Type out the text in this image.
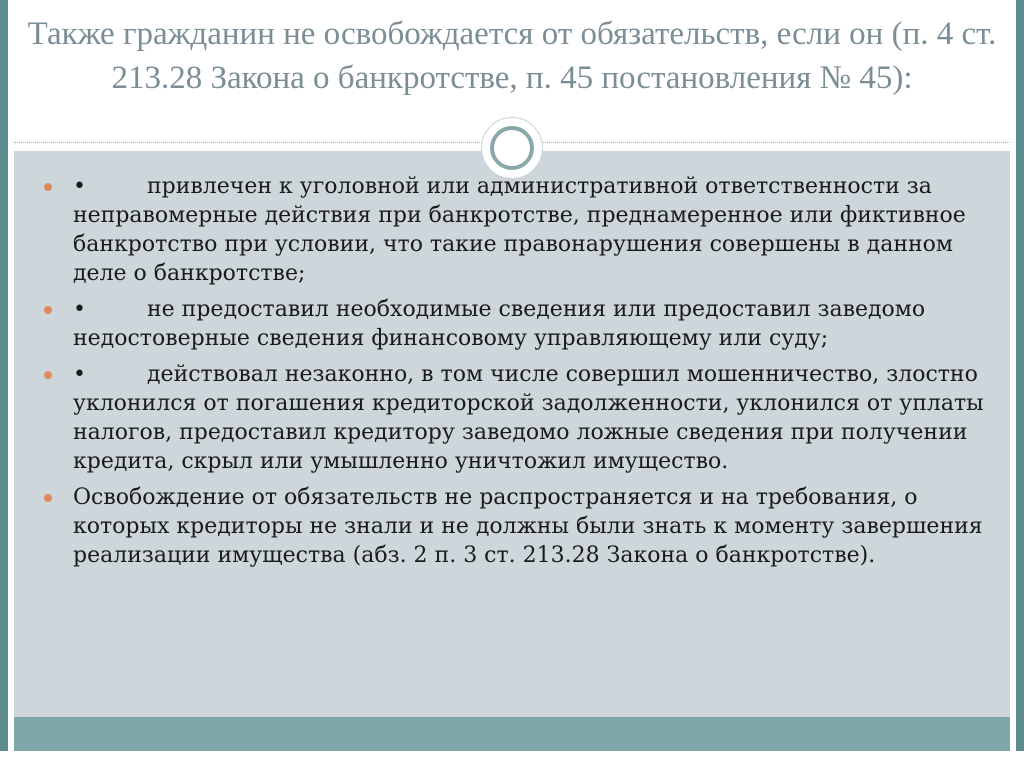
Также гражданин не освобождается от обязательств, если он (п. 4 ст. 213.28 Закона о банкротстве, п. 45 постановления № 45):
•	привлечен к уголовной или административной ответственности за неправомерные действия при банкротстве, преднамеренное или фиктивное банкротство при условии, что такие правонарушения совершены в данном деле о банкротстве;
•	не предоставил необходимые сведения или предоставил заведомо недостоверные сведения финансовому управляющему или суду;
•	действовал незаконно, в том числе совершил мошенничество, злостно уклонился от погашения кредиторской задолженности, уклонился от уплаты налогов, предоставил кредитору заведомо ложные сведения при получении кредита, скрыл или умышленно уничтожил имущество.
Освобождение от обязательств не распространяется и на требования, о которых кредиторы не знали и не должны были знать к моменту завершения реализации имущества (абз. 2 п. 3 ст. 213.28 Закона о банкротстве).
